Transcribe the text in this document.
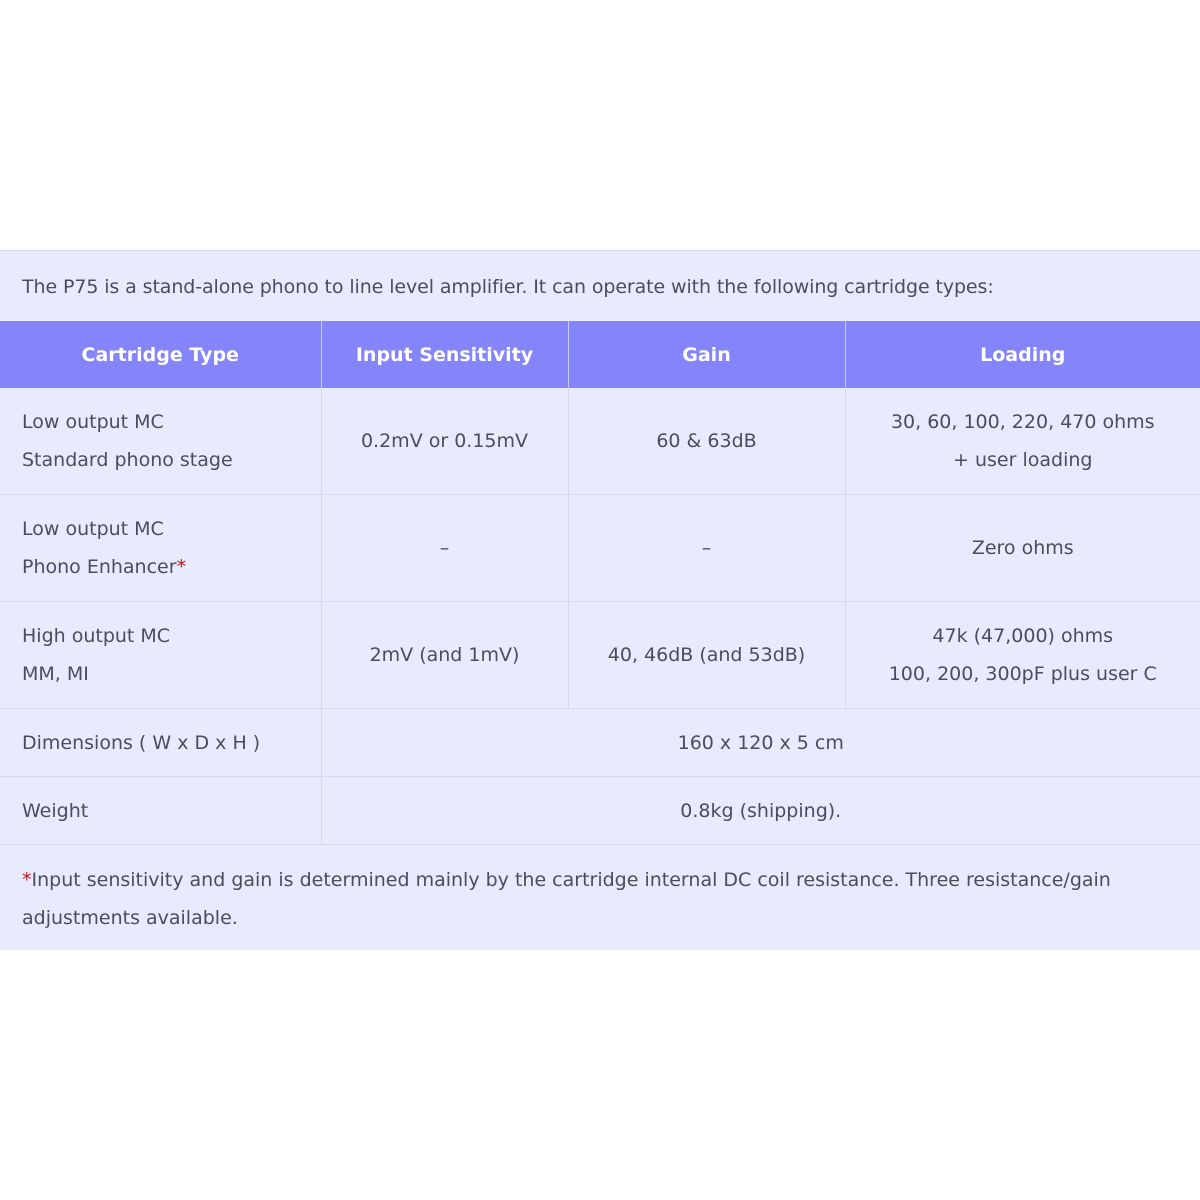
The P75 is a stand-alone phono to line level amplifier. It can operate with the following cartridge types:
Cartridge Type	Input Sensitivity	Gain	Loading

Low output MC
Standard phono stage	0.2mV or 0.15mV	60 & 63dB	30, 60, 100, 220, 470 ohms
+ user loading

Low output MC
Phono Enhancer*	–	–	Zero ohms

High output MC
MM, MI	2mV (and 1mV)	40, 46dB (and 53dB)	47k (47,000) ohms
100, 200, 300pF plus user C

Dimensions ( W x D x H )	160 x 120 x 5 cm		
Weight	0.8kg (shipping).		
*Input sensitivity and gain is determined mainly by the cartridge internal DC coil resistance. Three resistance/gain adjustments available.
